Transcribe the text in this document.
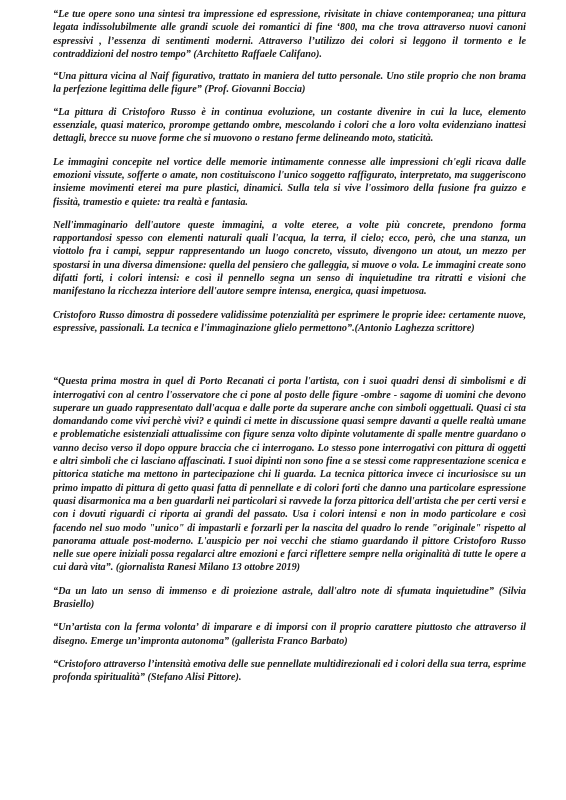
“Le tue opere sono una sintesi tra impressione ed espressione, rivisitate in chiave contemporanea; una pittura legata indissolubilmente alle grandi scuole dei romantici di fine ‘800, ma che trova attraverso nuovi canoni espressivi , l’essenza di sentimenti moderni. Attraverso l’utilizzo dei colori si leggono il tormento e le contraddizioni del nostro tempo” (Architetto Raffaele Califano).

“Una pittura vicina al Naif figurativo, trattato in maniera del tutto personale. Uno stile proprio che non brama la perfezione legittima delle figure” (Prof. Giovanni Boccia)

“La pittura di Cristoforo Russo è in continua evoluzione, un costante divenire in cui la luce, elemento essenziale, quasi materico, prorompe gettando ombre, mescolando i colori che a loro volta evidenziano inattesi dettagli, brecce su nuove forme che si muovono o restano ferme delineando moto, staticità.

Le immagini concepite nel vortice delle memorie intimamente connesse alle impressioni ch'egli ricava dalle emozioni vissute, sofferte o amate, non costituiscono l'unico soggetto raffigurato, interpretato, ma suggeriscono insieme movimenti eterei ma pure plastici, dinamici. Sulla tela si vive l'ossimoro della fusione fra guizzo e fissità, tramestio e quiete: tra realtà e fantasia.

Nell'immaginario dell'autore queste immagini, a volte eteree, a volte più concrete, prendono forma rapportandosi spesso con elementi naturali quali l'acqua, la terra, il cielo; ecco, però, che una stanza, un viottolo fra i campi, seppur rappresentando un luogo concreto, vissuto, divengono un atout, un mezzo per spostarsi in una diversa dimensione: quella del pensiero che galleggia, si muove o vola. Le immagini create sono difatti forti, i colori intensi: e così il pennello segna un senso di inquietudine tra ritratti e visioni che manifestano la ricchezza interiore dell'autore sempre intensa, energica, quasi impetuosa.

Cristoforo Russo dimostra di possedere validissime potenzialità per esprimere le proprie idee: certamente nuove, espressive, passionali. La tecnica e l'immaginazione glielo permettono”.(Antonio Laghezza scrittore)

“Questa prima mostra in quel di Porto Recanati ci porta l'artista, con i suoi quadri densi di simbolismi e di interrogativi con al centro l'osservatore che ci pone al posto delle figure -ombre - sagome di uomini che devono superare un guado rappresentato dall'acqua e dalle porte da superare anche con simboli oggettuali. Quasi ci sta domandando come vivi perchè vivi? e quindi ci mette in discussione quasi sempre davanti a quelle realtà umane e problematiche esistenziali attualissime con figure senza volto dipinte volutamente di spalle mentre guardano o vanno deciso verso il dopo oppure braccia che ci interrogano. Lo stesso pone interrogativi con pittura di oggetti e altri simboli che ci lasciano affascinati. I suoi dipinti non sono fine a se stessi come rappresentazione scenica e pittorica statiche ma mettono in partecipazione chi li guarda. La tecnica pittorica invece ci incuriosisce su un primo impatto di pittura di getto quasi fatta di pennellate e di colori forti che danno una particolare espressione quasi disarmonica ma a ben guardarli nei particolari si ravvede la forza pittorica dell'artista che per certi versi e con i dovuti riguardi ci riporta ai grandi del passato. Usa i colori intensi e non in modo particolare e così facendo nel suo modo "unico" di impastarli e forzarli per la nascita del quadro lo rende "originale" rispetto al panorama attuale post-moderno. L'auspicio per noi vecchi che stiamo guardando il pittore Cristoforo Russo nelle sue opere iniziali possa regalarci altre emozioni e farci riflettere sempre nella originalità di tutte le opere a cui darà vita”. (giornalista Ranesi Milano 13 ottobre 2019)

“Da un lato un senso di immenso e di proiezione astrale, dall'altro note di sfumata inquietudine” (Silvia Brasiello)

“Un’artista con la ferma volonta’ di imparare e di imporsi con il proprio carattere piuttosto che attraverso il disegno. Emerge un’impronta autonoma” (gallerista Franco Barbato)

“Cristoforo attraverso l’intensità emotiva delle sue pennellate multidirezionali ed i colori della sua terra, esprime profonda spiritualità” (Stefano Alisi Pittore).
